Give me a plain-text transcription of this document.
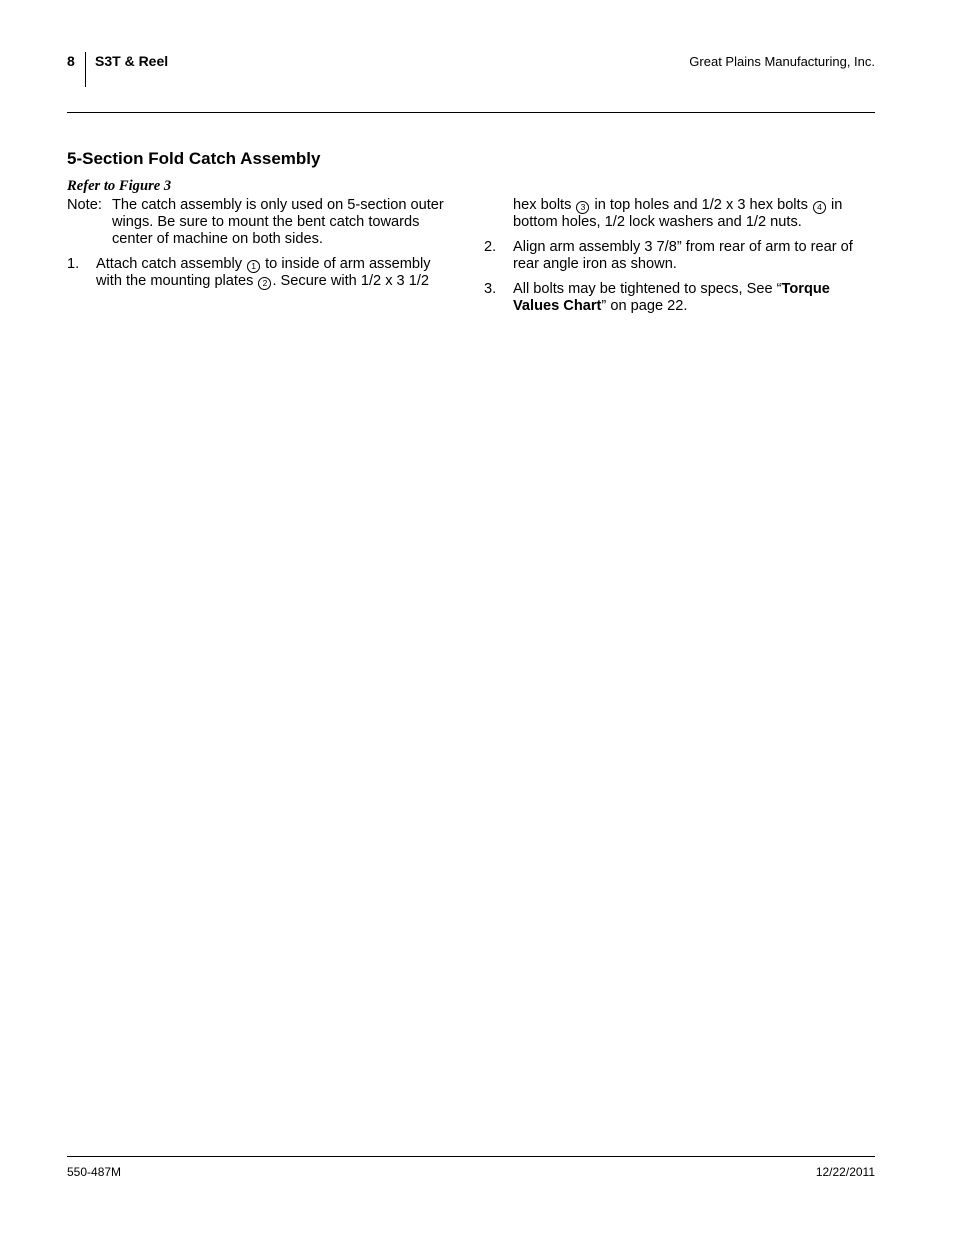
8 S3T & Reel	Great Plains Manufacturing, Inc.
5-Section Fold Catch Assembly
Refer to Figure 3
Note: The catch assembly is only used on 5-section outer wings. Be sure to mount the bent catch towards center of machine on both sides.
1.	Attach catch assembly 1 to inside of arm assembly with the mounting plates 2 . Secure with 1/2 x 3 1/2
hex bolts 3 in top holes and 1/2 x 3 hex bolts 4 in bottom holes, 1/2 lock washers and 1/2 nuts.
2.	Align arm assembly 3 7/8” from rear of arm to rear of rear angle iron as shown.
3.	All bolts may be tightened to specs, See “Torque Values Chart” on page 22.
550-487M	12/22/2011
